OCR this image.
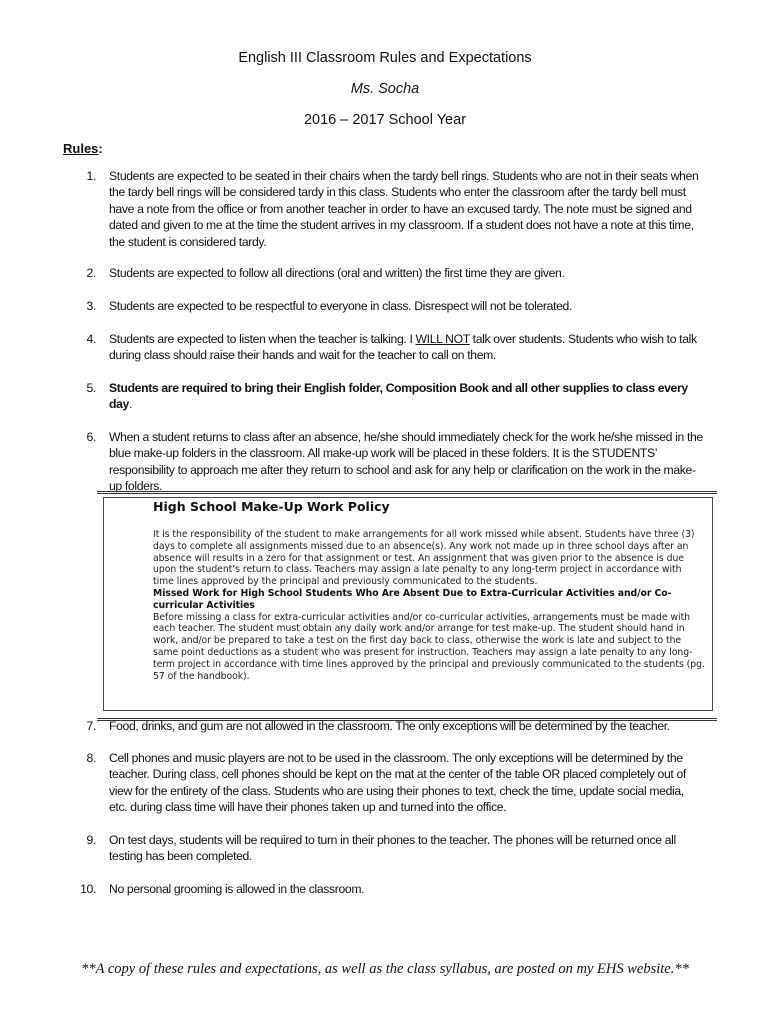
English III Classroom Rules and Expectations
Ms. Socha
2016 – 2017 School Year
Rules:
1. Students are expected to be seated in their chairs when the tardy bell rings. Students who are not in their seats when the tardy bell rings will be considered tardy in this class. Students who enter the classroom after the tardy bell must have a note from the office or from another teacher in order to have an excused tardy. The note must be signed and dated and given to me at the time the student arrives in my classroom. If a student does not have a note at this time, the student is considered tardy.
2. Students are expected to follow all directions (oral and written) the first time they are given.
3. Students are expected to be respectful to everyone in class. Disrespect will not be tolerated.
4. Students are expected to listen when the teacher is talking. I WILL NOT talk over students. Students who wish to talk during class should raise their hands and wait for the teacher to call on them.
5. Students are required to bring their English folder, Composition Book and all other supplies to class every day.
6. When a student returns to class after an absence, he/she should immediately check for the work he/she missed in the blue make-up folders in the classroom. All make-up work will be placed in these folders. It is the STUDENTS’ responsibility to approach me after they return to school and ask for any help or clarification on the work in the make-up folders.
High School Make-Up Work Policy

It is the responsibility of the student to make arrangements for all work missed while absent. Students have three (3) days to complete all assignments missed due to an absence(s). Any work not made up in three school days after an absence will results in a zero for that assignment or test. An assignment that was given prior to the absence is due upon the student’s return to class. Teachers may assign a late penalty to any long-term project in accordance with time lines approved by the principal and previously communicated to the students.

Missed Work for High School Students Who Are Absent Due to Extra-Curricular Activities and/or Co-curricular Activities

Before missing a class for extra-curricular activities and/or co-curricular activities, arrangements must be made with each teacher. The student must obtain any daily work and/or arrange for test make-up. The student should hand in work, and/or be prepared to take a test on the first day back to class, otherwise the work is late and subject to the same point deductions as a student who was present for instruction. Teachers may assign a late penalty to any long-term project in accordance with time lines approved by the principal and previously communicated to the students (pg. 57 of the handbook).

7. Food, drinks, and gum are not allowed in the classroom. The only exceptions will be determined by the teacher.
8. Cell phones and music players are not to be used in the classroom. The only exceptions will be determined by the teacher. During class, cell phones should be kept on the mat at the center of the table OR placed completely out of view for the entirety of the class. Students who are using their phones to text, check the time, update social media, etc. during class time will have their phones taken up and turned into the office.
9. On test days, students will be required to turn in their phones to the teacher. The phones will be returned once all testing has been completed.
10. No personal grooming is allowed in the classroom.
**A copy of these rules and expectations, as well as the class syllabus, are posted on my EHS website.**
